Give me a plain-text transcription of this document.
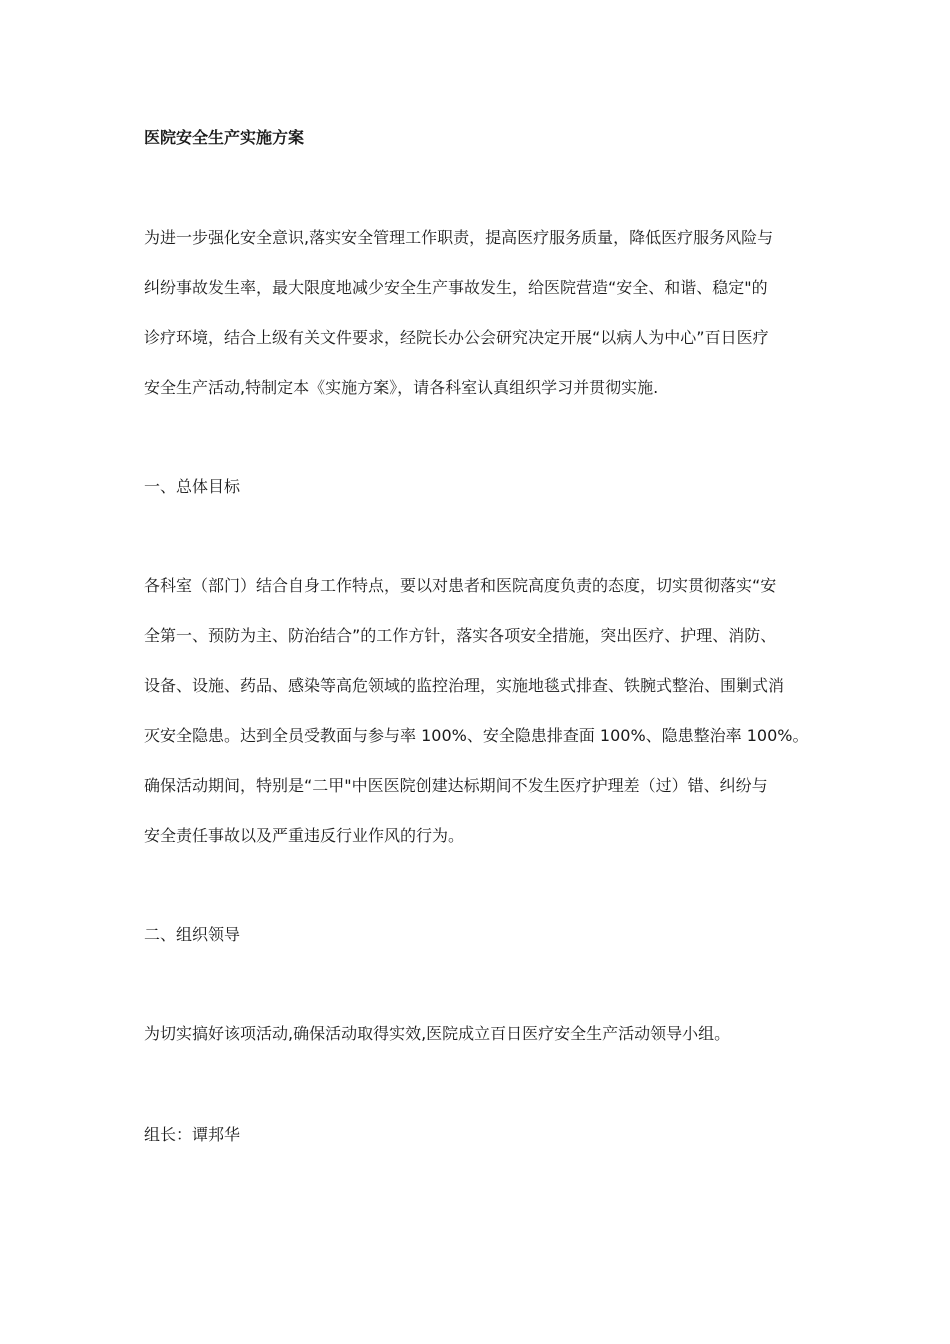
医院安全生产实施方案
为进一步强化安全意识,落实安全管理工作职责，提高医疗服务质量，降低医疗服务风险与
纠纷事故发生率，最大限度地减少安全生产事故发生，给医院营造“安全、和谐、稳定"的
诊疗环境，结合上级有关文件要求，经院长办公会研究决定开展“以病人为中心”百日医疗
安全生产活动,特制定本《实施方案》，请各科室认真组织学习并贯彻实施.
一、总体目标
各科室（部门）结合自身工作特点，要以对患者和医院高度负责的态度，切实贯彻落实“安
全第一、预防为主、防治结合”的工作方针，落实各项安全措施，突出医疗、护理、消防、
设备、设施、药品、感染等高危领域的监控治理，实施地毯式排查、铁腕式整治、围剿式消
灭安全隐患。达到全员受教面与参与率 100%、安全隐患排查面 100%、隐患整治率 100%。
确保活动期间，特别是“二甲"中医医院创建达标期间不发生医疗护理差（过）错、纠纷与
安全责任事故以及严重违反行业作风的行为。
二、组织领导
为切实搞好该项活动,确保活动取得实效,医院成立百日医疗安全生产活动领导小组。
组长：谭邦华
